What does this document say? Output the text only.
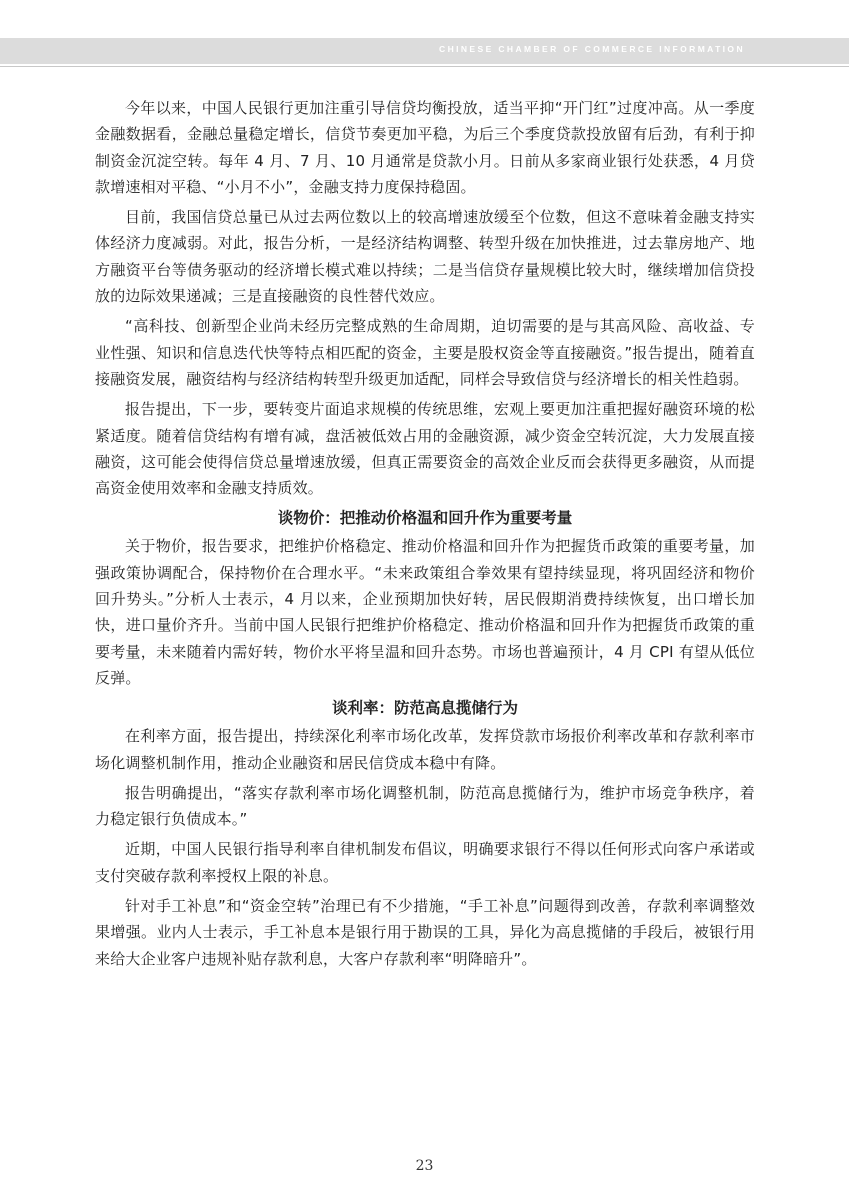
CHINESE CHAMBER OF COMMERCE INFORMATION

今年以来，中国人民银行更加注重引导信贷均衡投放，适当平抑“开门红”过度冲高。从一季度金融数据看，金融总量稳定增长，信贷节奏更加平稳，为后三个季度贷款投放留有后劲，有利于抑制资金沉淀空转。每年 4 月、7 月、10 月通常是贷款小月。日前从多家商业银行处获悉，4 月贷款增速相对平稳、“小月不小”，金融支持力度保持稳固。

目前，我国信贷总量已从过去两位数以上的较高增速放缓至个位数，但这不意味着金融支持实体经济力度减弱。对此，报告分析，一是经济结构调整、转型升级在加快推进，过去靠房地产、地方融资平台等债务驱动的经济增长模式难以持续；二是当信贷存量规模比较大时，继续增加信贷投放的边际效果递减；三是直接融资的良性替代效应。

“高科技、创新型企业尚未经历完整成熟的生命周期，迫切需要的是与其高风险、高收益、专业性强、知识和信息迭代快等特点相匹配的资金，主要是股权资金等直接融资。”报告提出，随着直接融资发展，融资结构与经济结构转型升级更加适配，同样会导致信贷与经济增长的相关性趋弱。

报告提出，下一步，要转变片面追求规模的传统思维，宏观上要更加注重把握好融资环境的松紧适度。随着信贷结构有增有减，盘活被低效占用的金融资源，减少资金空转沉淀，大力发展直接融资，这可能会使得信贷总量增速放缓，但真正需要资金的高效企业反而会获得更多融资，从而提高资金使用效率和金融支持质效。

谈物价：把推动价格温和回升作为重要考量

关于物价，报告要求，把维护价格稳定、推动价格温和回升作为把握货币政策的重要考量，加强政策协调配合，保持物价在合理水平。“未来政策组合拳效果有望持续显现，将巩固经济和物价回升势头。”分析人士表示，4 月以来，企业预期加快好转，居民假期消费持续恢复，出口增长加快，进口量价齐升。当前中国人民银行把维护价格稳定、推动价格温和回升作为把握货币政策的重要考量，未来随着内需好转，物价水平将呈温和回升态势。市场也普遍预计，4 月 CPI 有望从低位反弹。

谈利率：防范高息揽储行为

在利率方面，报告提出，持续深化利率市场化改革，发挥贷款市场报价利率改革和存款利率市场化调整机制作用，推动企业融资和居民信贷成本稳中有降。

报告明确提出，“落实存款利率市场化调整机制，防范高息揽储行为，维护市场竞争秩序，着力稳定银行负债成本。”

近期，中国人民银行指导利率自律机制发布倡议，明确要求银行不得以任何形式向客户承诺或支付突破存款利率授权上限的补息。

针对手工补息”和“资金空转”治理已有不少措施，“手工补息”问题得到改善，存款利率调整效果增强。业内人士表示，手工补息本是银行用于勘误的工具，异化为高息揽储的手段后，被银行用来给大企业客户违规补贴存款利息，大客户存款利率“明降暗升”。

23
